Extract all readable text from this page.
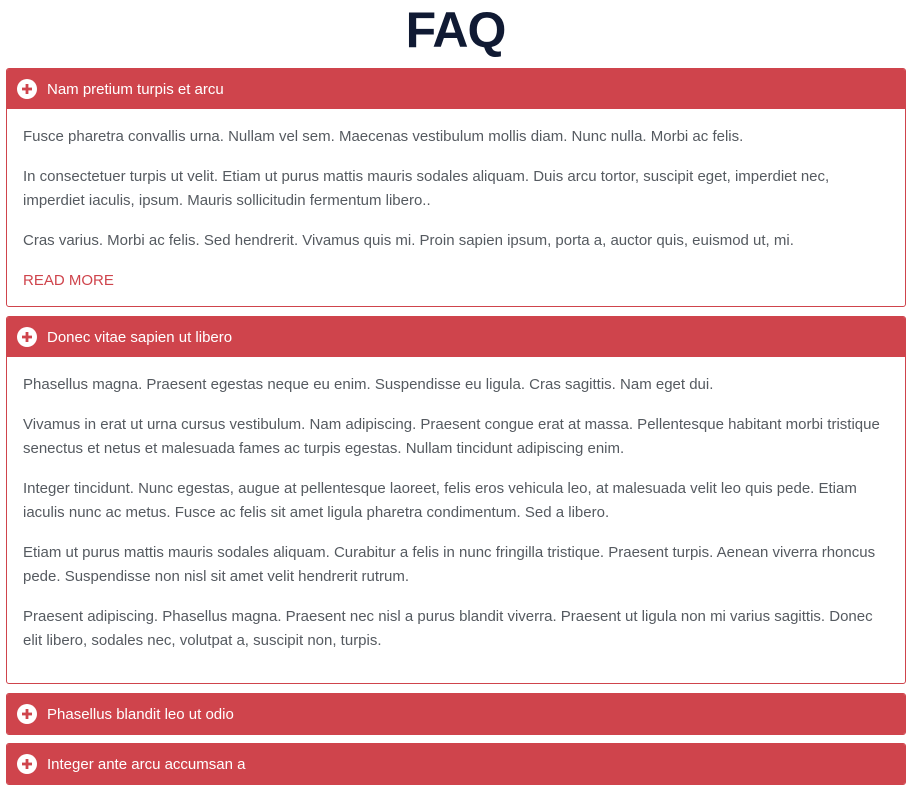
FAQ
Nam pretium turpis et arcu

Fusce pharetra convallis urna. Nullam vel sem. Maecenas vestibulum mollis diam. Nunc nulla. Morbi ac felis.

In consectetuer turpis ut velit. Etiam ut purus mattis mauris sodales aliquam. Duis arcu tortor, suscipit eget, imperdiet nec, imperdiet iaculis, ipsum. Mauris sollicitudin fermentum libero..

Cras varius. Morbi ac felis. Sed hendrerit. Vivamus quis mi. Proin sapien ipsum, porta a, auctor quis, euismod ut, mi.

READ MORE
Donec vitae sapien ut libero

Phasellus magna. Praesent egestas neque eu enim. Suspendisse eu ligula. Cras sagittis. Nam eget dui.

Vivamus in erat ut urna cursus vestibulum. Nam adipiscing. Praesent congue erat at massa. Pellentesque habitant morbi tristique senectus et netus et malesuada fames ac turpis egestas. Nullam tincidunt adipiscing enim.

Integer tincidunt. Nunc egestas, augue at pellentesque laoreet, felis eros vehicula leo, at malesuada velit leo quis pede. Etiam iaculis nunc ac metus. Fusce ac felis sit amet ligula pharetra condimentum. Sed a libero.

Etiam ut purus mattis mauris sodales aliquam. Curabitur a felis in nunc fringilla tristique. Praesent turpis. Aenean viverra rhoncus pede. Suspendisse non nisl sit amet velit hendrerit rutrum.

Praesent adipiscing. Phasellus magna. Praesent nec nisl a purus blandit viverra. Praesent ut ligula non mi varius sagittis. Donec elit libero, sodales nec, volutpat a, suscipit non, turpis.

Phasellus blandit leo ut odio
Integer ante arcu accumsan a
